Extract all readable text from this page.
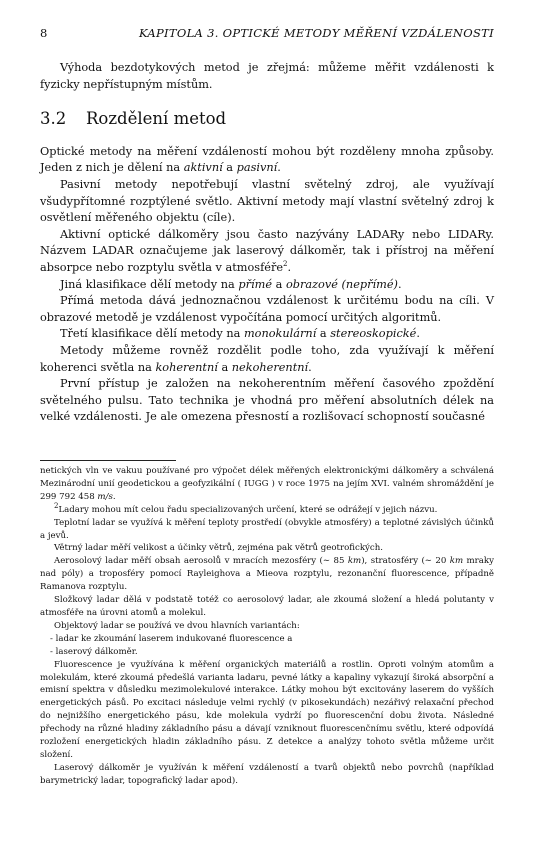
8	KAPITOLA 3. OPTICKÉ METODY MĚŘENÍ VZDÁLENOSTI

Výhoda bezdotykových metod je zřejmá: můžeme měřit vzdálenosti k fyzicky nepřístupným místům.

3.2 Rozdělení metod

Optické metody na měření vzdáleností mohou být rozděleny mnoha způsoby. Jeden z nich je dělení na aktivní a pasivní.

Pasivní metody nepotřebují vlastní světelný zdroj, ale využívají všudypřítomné rozptýlené světlo. Aktivní metody mají vlastní světelný zdroj k osvětlení měřeného objektu (cíle).

Aktivní optické dálkoměry jsou často nazývány LADARy nebo LIDARy. Názvem LADAR označujeme jak laserový dálkoměr, tak i přístroj na měření absorpce nebo rozptylu světla v atmosféře$^2$.

Jiná klasifikace dělí metody na přímé a obrazové (nepřímé).

Přímá metoda dává jednoznačnou vzdálenost k určitému bodu na cíli. V obrazové metodě je vzdálenost vypočítána pomocí určitých algoritmů.

Třetí klasifikace dělí metody na monokulární a stereoskopické.

Metody můžeme rovněž rozdělit podle toho, zda využívají k měření koherenci světla na koherentní a nekoherentní.

První přístup je založen na nekoherentním měření časového zpoždění světelného pulsu. Tato technika je vhodná pro měření absolutních délek na velké vzdálenosti. Je ale omezena přesností a rozlišovací schopností současné

netických vln ve vakuu používané pro výpočet délek měřených elektronickými dálkoměry a schválená Mezinárodní unií geodetickou a geofyzikální ( IUGG ) v roce 1975 na jejím XVI. valném shromáždění je 299 792 458 m/s.

$^2$Ladary mohou mít celou řadu specializovaných určení, které se odrážejí v jejich názvu.

Teplotní ladar se využívá k měření teploty prostředí (obvykle atmosféry) a teplotné závislých účinků a jevů.

Větrný ladar měří velikost a účinky větrů, zejména pak větrů geotrofických.

Aerosolový ladar měří obsah aerosolů v mracích mezosféry (∼ 85 km), stratosféry (∼ 20 km mraky nad póly) a troposféry pomocí Rayleighova a Mieova rozptylu, rezonanční fluorescence, případně Ramanova rozptylu.

Složkový ladar dělá v podstatě totéž co aerosolový ladar, ale zkoumá složení a hledá polutanty v atmosféře na úrovni atomů a molekul.

Objektový ladar se používá ve dvou hlavních variantách:

- ladar ke zkoumání laserem indukované fluorescence a

- laserový dálkoměr.

Fluorescence je využívána k měření organických materiálů a rostlin. Oproti volným atomům a molekulám, které zkoumá předešlá varianta ladaru, pevné látky a kapaliny vykazují široká absorpční a emisní spektra v důsledku mezimolekulové interakce. Látky mohou být excitovány laserem do vyšších energetických pásů. Po excitaci následuje velmi rychlý (v pikosekundách) nezářivý relaxační přechod do nejnižšího energetického pásu, kde molekula vydrží po fluorescenční dobu života. Následné přechody na různé hladiny základního pásu a dávají vzniknout fluorescenčnímu světlu, které odpovídá rozložení energetických hladin základního pásu. Z detekce a analýzy tohoto světla můžeme určit složení.

Laserový dálkoměr je využíván k měření vzdáleností a tvarů objektů nebo povrchů (například barymetrický ladar, topografický ladar apod).
